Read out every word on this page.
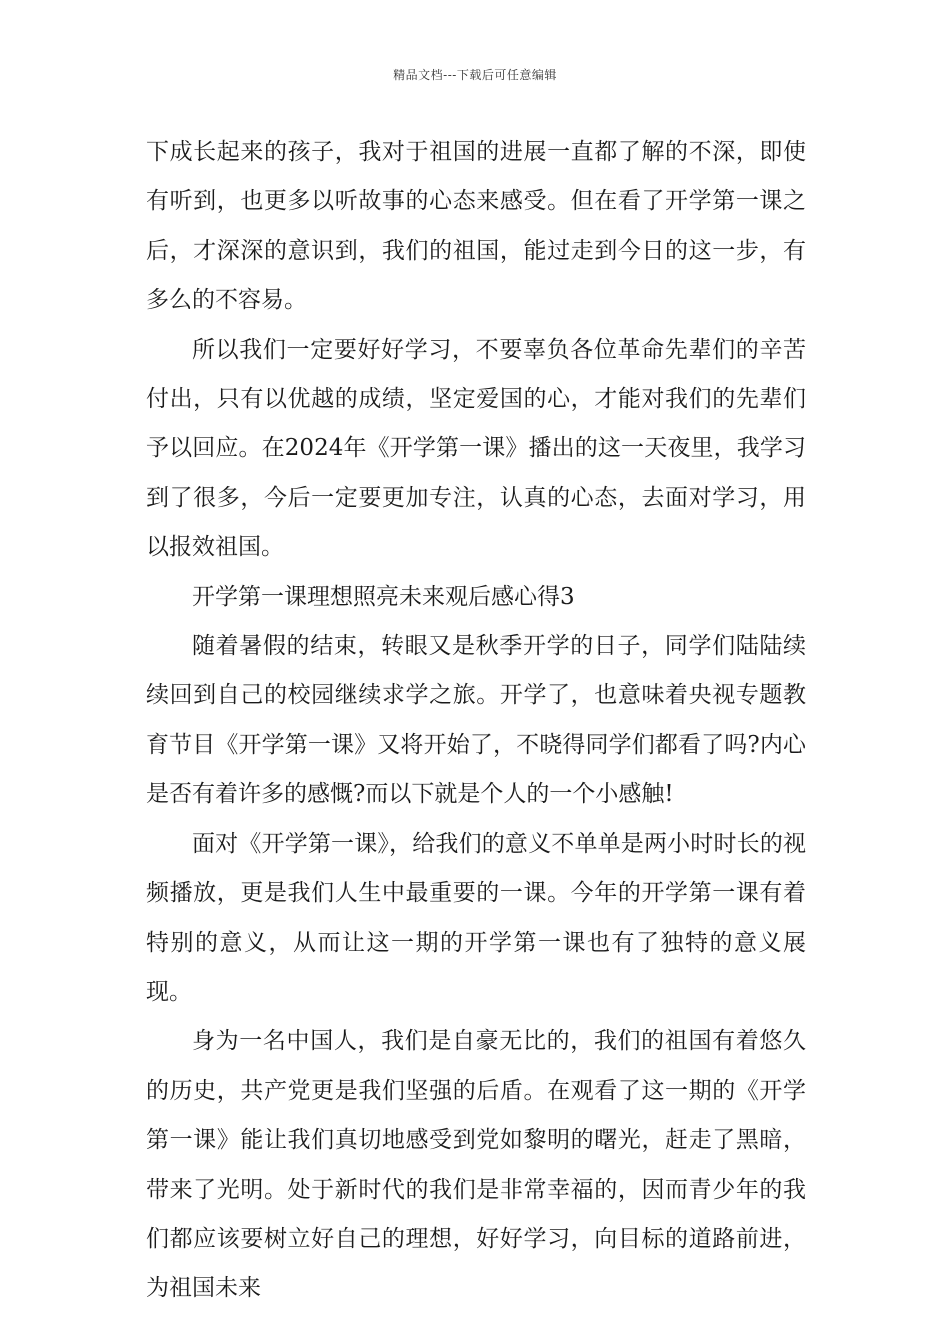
精品文档---下载后可任意编辑

下成长起来的孩子，我对于祖国的进展一直都了解的不深，即使有听到，也更多以听故事的心态来感受。但在看了开学第一课之后，才深深的意识到，我们的祖国，能过走到今日的这一步，有多么的不容易。

所以我们一定要好好学习，不要辜负各位革命先辈们的辛苦付出，只有以优越的成绩，坚定爱国的心，才能对我们的先辈们予以回应。在2024年《开学第一课》播出的这一天夜里，我学习到了很多，今后一定要更加专注，认真的心态，去面对学习，用以报效祖国。

开学第一课理想照亮未来观后感心得3

随着暑假的结束，转眼又是秋季开学的日子，同学们陆陆续续回到自己的校园继续求学之旅。开学了，也意味着央视专题教育节目《开学第一课》又将开始了，不晓得同学们都看了吗?内心是否有着许多的感慨?而以下就是个人的一个小感触!

面对《开学第一课》，给我们的意义不单单是两小时时长的视频播放，更是我们人生中最重要的一课。今年的开学第一课有着特别的意义，从而让这一期的开学第一课也有了独特的意义展现。

身为一名中国人，我们是自豪无比的，我们的祖国有着悠久的历史，共产党更是我们坚强的后盾。在观看了这一期的《开学第一课》能让我们真切地感受到党如黎明的曙光，赶走了黑暗，带来了光明。处于新时代的我们是非常幸福的，因而青少年的我们都应该要树立好自己的理想，好好学习，向目标的道路前进，为祖国未来
